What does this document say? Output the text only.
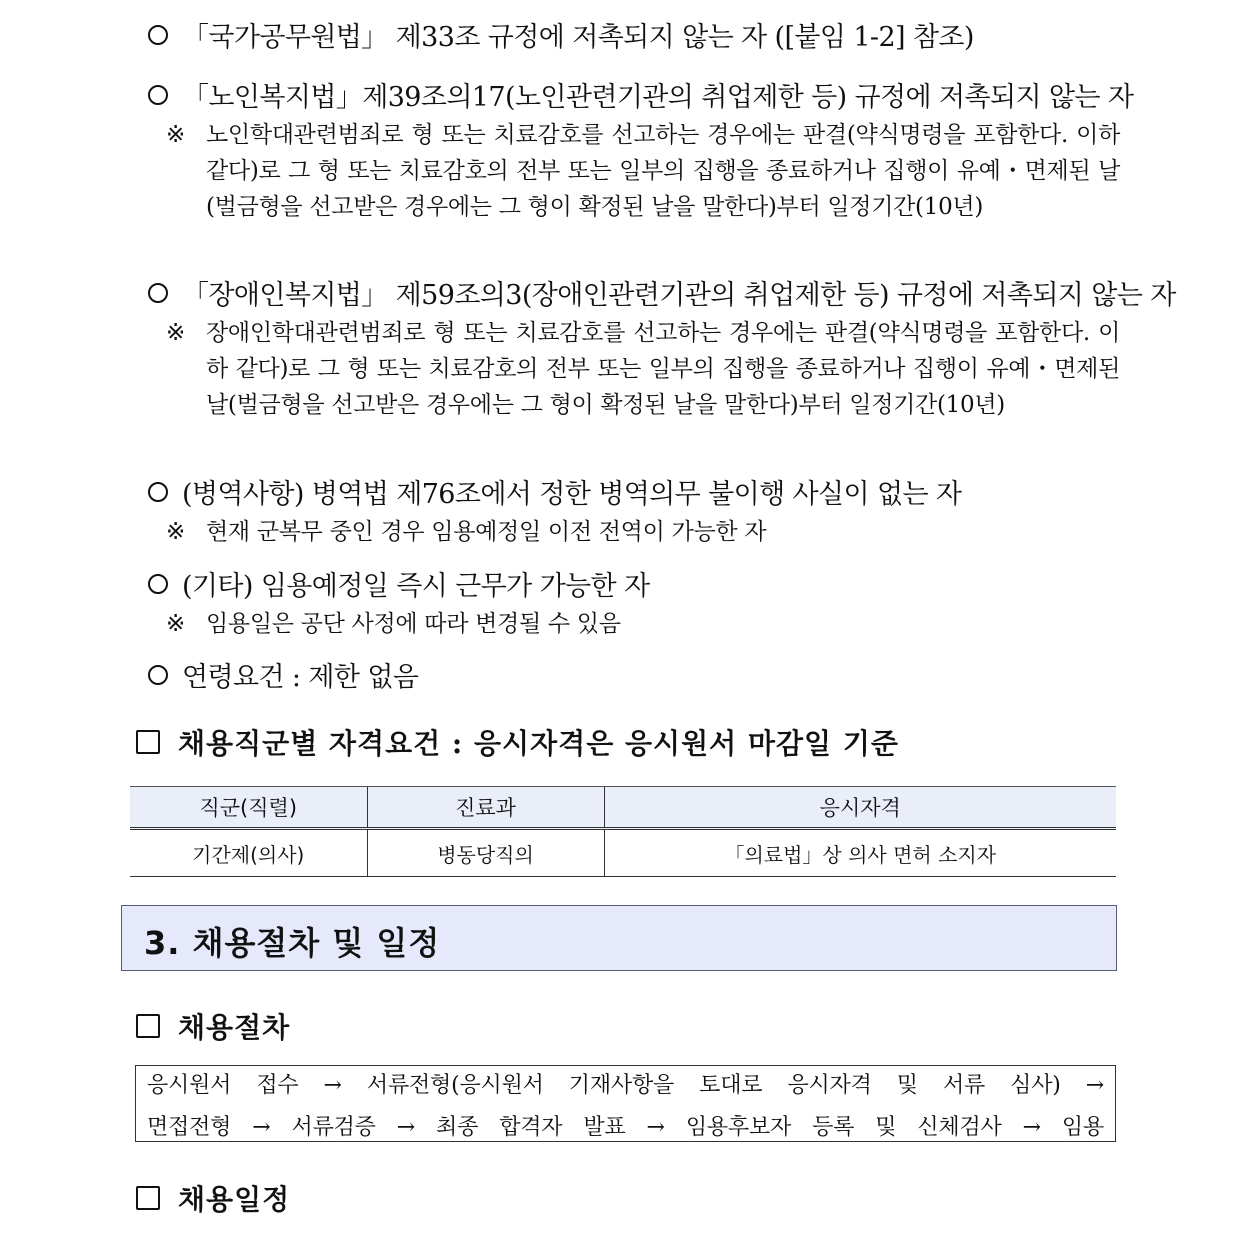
「국가공무원법」 제33조 규정에 저촉되지 않는 자 ([붙임 1-2] 참조)
「노인복지법」제39조의17(노인관련기관의 취업제한 등) 규정에 저촉되지 않는 자
※ 노인학대관련범죄로 형 또는 치료감호를 선고하는 경우에는 판결(약식명령을 포함한다. 이하 같다)로 그 형 또는 치료감호의 전부 또는 일부의 집행을 종료하거나 집행이 유예・면제된 날(벌금형을 선고받은 경우에는 그 형이 확정된 날을 말한다)부터 일정기간(10년)
「장애인복지법」 제59조의3(장애인관련기관의 취업제한 등) 규정에 저촉되지 않는 자
※ 장애인학대관련범죄로 형 또는 치료감호를 선고하는 경우에는 판결(약식명령을 포함한다. 이하 같다)로 그 형 또는 치료감호의 전부 또는 일부의 집행을 종료하거나 집행이 유예・면제된 날(벌금형을 선고받은 경우에는 그 형이 확정된 날을 말한다)부터 일정기간(10년)
(병역사항) 병역법 제76조에서 정한 병역의무 불이행 사실이 없는 자
※ 현재 군복무 중인 경우 임용예정일 이전 전역이 가능한 자
(기타) 임용예정일 즉시 근무가 가능한 자
※ 임용일은 공단 사정에 따라 변경될 수 있음
연령요건 : 제한 없음
채용직군별 자격요건 : 응시자격은 응시원서 마감일 기준
직군(직렬)	진료과	응시자격
기간제(의사)	병동당직의	「의료법」상 의사 면허 소지자
3. 채용절차 및 일정
채용절차
응시원서 접수 → 서류전형(응시원서 기재사항을 토대로 응시자격 및 서류 심사) →
면접전형 → 서류검증 → 최종 합격자 발표 → 임용후보자 등록 및 신체검사 → 임용
채용일정
